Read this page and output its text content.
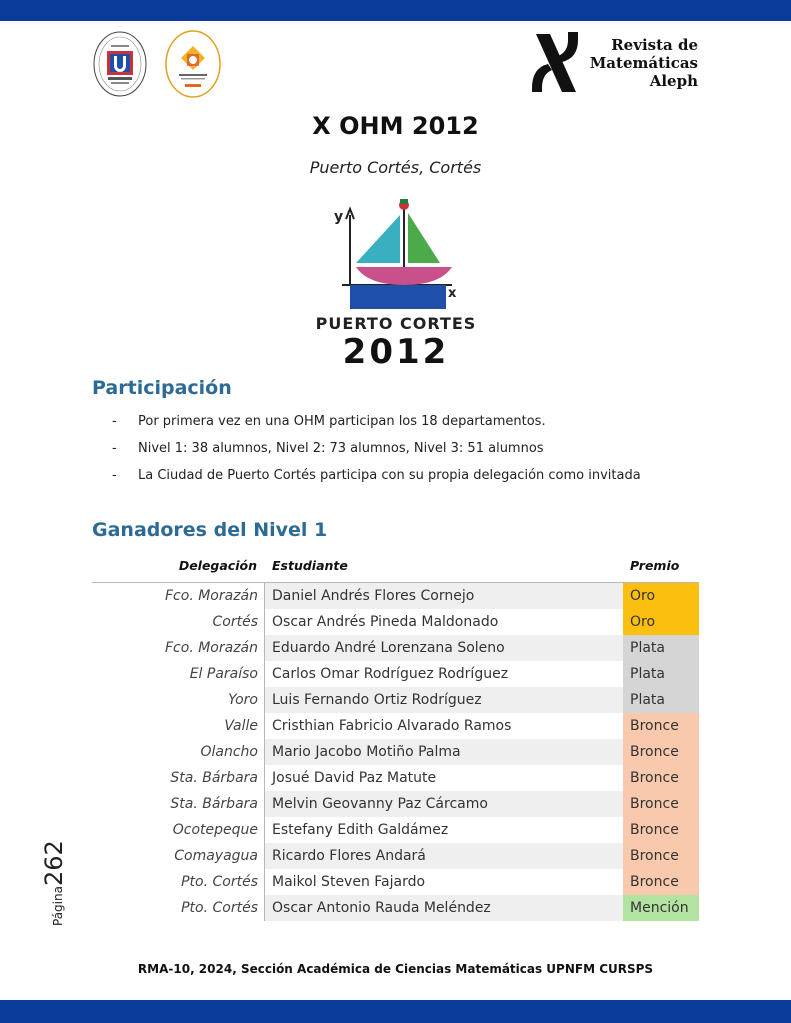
Revista de
Matemáticas
Aleph
X OHM 2012
Puerto Cortés, Cortés
y
x
PUERTO CORTES
2012
Participación
- Por primera vez en una OHM participan los 18 departamentos.
- Nivel 1: 38 alumnos, Nivel 2: 73 alumnos, Nivel 3: 51 alumnos
- La Ciudad de Puerto Cortés participa con su propia delegación como invitada
Ganadores del Nivel 1
Delegación Estudiante	Premio
Fco. Morazán	Daniel Andrés Flores Cornejo	Oro
Cortés	Oscar Andrés Pineda Maldonado	Oro
Fco. Morazán	Eduardo André Lorenzana Soleno	Plata
El Paraíso	Carlos Omar Rodríguez Rodríguez	Plata
Yoro	Luis Fernando Ortiz Rodríguez	Plata
Valle	Cristhian Fabricio Alvarado Ramos	Bronce
Olancho	Mario Jacobo Motiño Palma	Bronce
Sta. Bárbara	Josué David Paz Matute	Bronce
Sta. Bárbara	Melvin Geovanny Paz Cárcamo	Bronce
Ocotepeque	Estefany Edith Galdámez	Bronce
Comayagua	Ricardo Flores Andará	Bronce
Pto. Cortés	Maikol Steven Fajardo	Bronce
Pto. Cortés	Oscar Antonio Rauda Meléndez	Mención
Página262
RMA-10, 2024, Sección Académica de Ciencias Matemáticas UPNFM CURSPS
